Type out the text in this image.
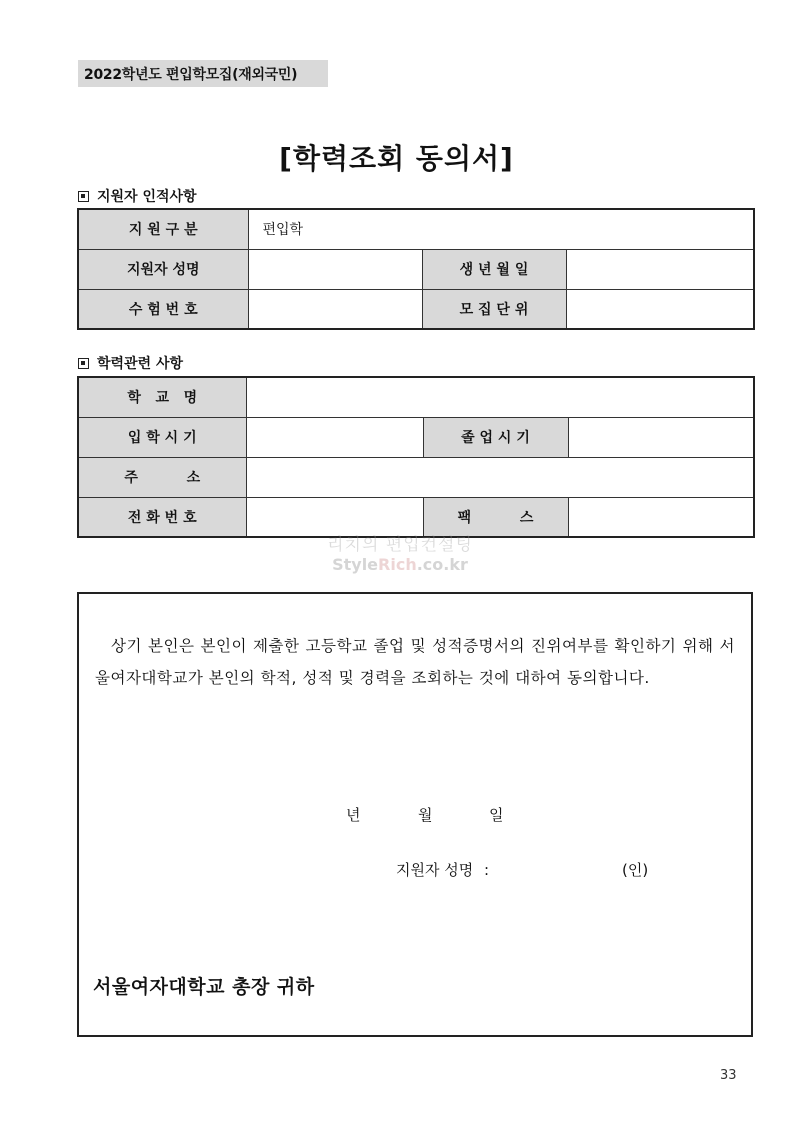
2022학년도 편입학모집(재외국민)
[학력조회 동의서]
지원자 인적사항
지 원 구 분	편입학		
지원자 성명		생 년 월 일	
수 험 번 호		모 집 단 위	
학력관련 사항
학   교   명			
입 학 시 기		졸 업 시 기	
주          소			
전 화 번 호		팩          스	
리치의 편입컨설팅
StyleRich.co.kr
상기 본인은 본인이 제출한 고등학교 졸업 및 성적증명서의 진위여부를 확인하기 위해 서울여자대학교가 본인의 학적, 성적 및 경력을 조회하는 것에 대하여 동의합니다.
년	월	일
지원자 성명 :	(인)
서울여자대학교 총장 귀하
33
